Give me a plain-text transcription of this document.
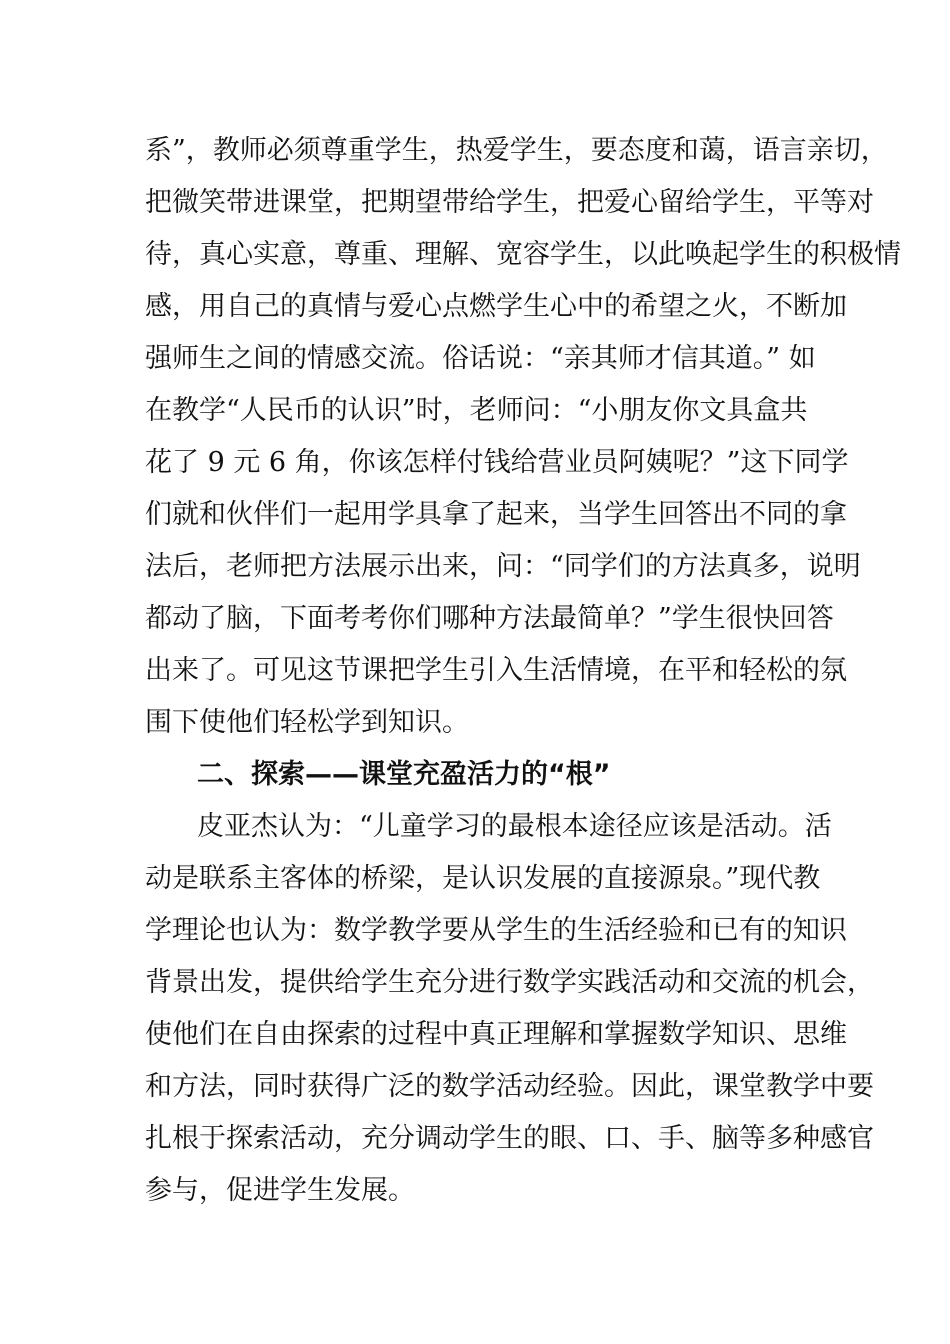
系”，教师必须尊重学生，热爱学生，要态度和蔼，语言亲切，
把微笑带进课堂，把期望带给学生，把爱心留给学生，平等对
待，真心实意，尊重、理解、宽容学生，以此唤起学生的积极情
感，用自己的真情与爱心点燃学生心中的希望之火，不断加
强师生之间的情感交流。俗话说：“亲其师才信其道。” 如
在教学“人民币的认识”时，老师问：“小朋友你文具盒共
花了 9 元 6 角，你该怎样付钱给营业员阿姨呢？”这下同学
们就和伙伴们一起用学具拿了起来，当学生回答出不同的拿
法后，老师把方法展示出来，问：“同学们的方法真多，说明
都动了脑，下面考考你们哪种方法最简单？”学生很快回答
出来了。可见这节课把学生引入生活情境，在平和轻松的氛
围下使他们轻松学到知识。
二、探索——课堂充盈活力的“根”
皮亚杰认为：“儿童学习的最根本途径应该是活动。活
动是联系主客体的桥梁，是认识发展的直接源泉。”现代教
学理论也认为：数学教学要从学生的生活经验和已有的知识
背景出发，提供给学生充分进行数学实践活动和交流的机会，
使他们在自由探索的过程中真正理解和掌握数学知识、思维
和方法，同时获得广泛的数学活动经验。因此，课堂教学中要
扎根于探索活动，充分调动学生的眼、口、手、脑等多种感官
参与，促进学生发展。
